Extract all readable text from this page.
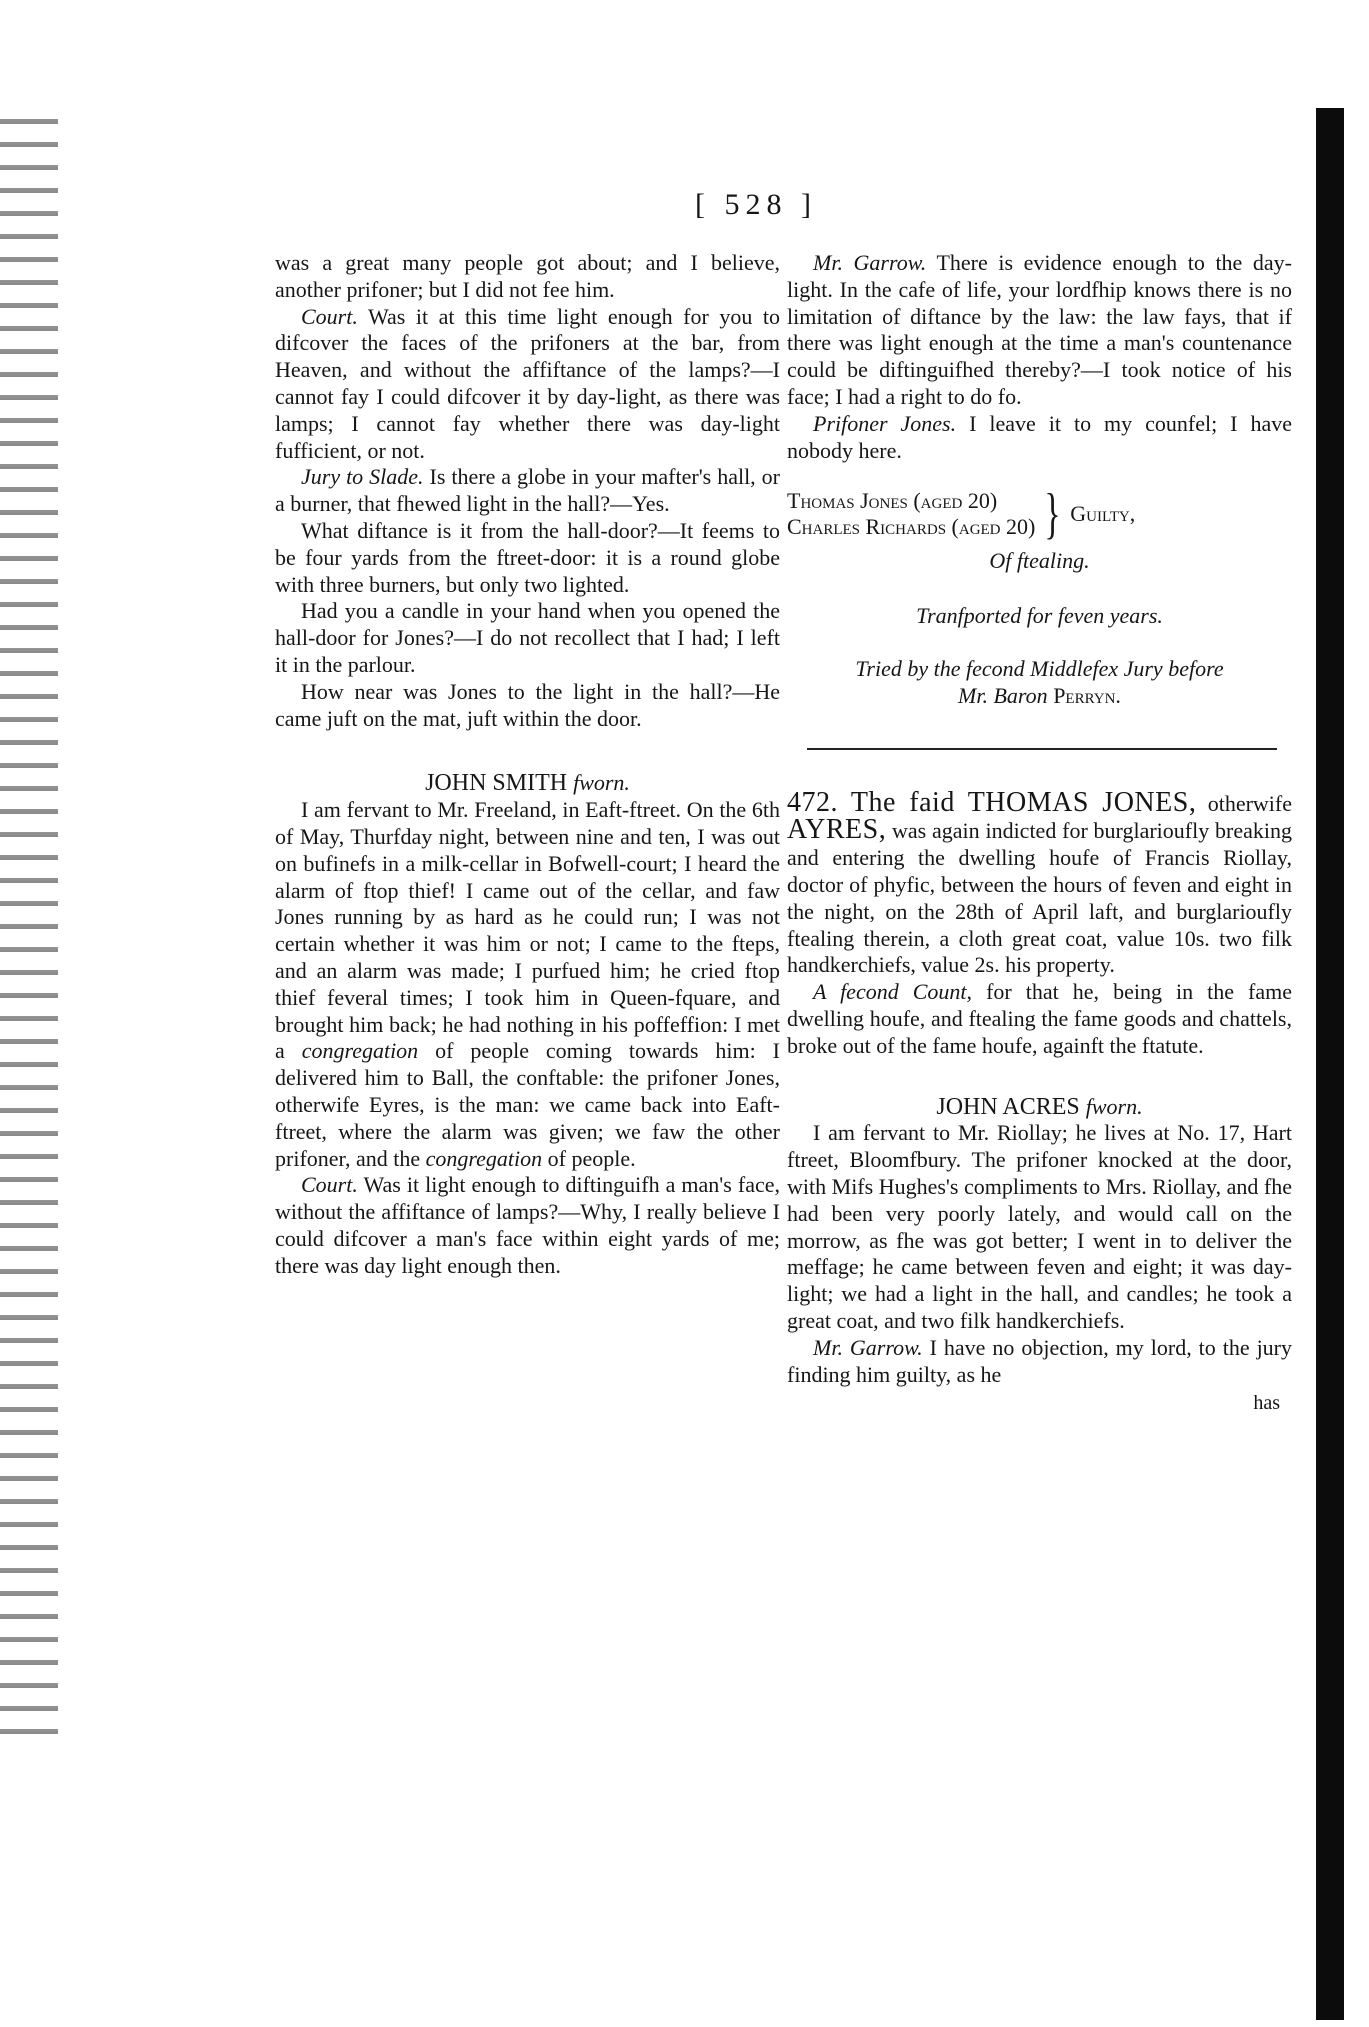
[ 528 ]

was a great many people got about; and I believe, another prifoner; but I did not fee him.

Court. Was it at this time light enough for you to difcover the faces of the prifoners at the bar, from Heaven, and without the affiftance of the lamps?—I cannot fay I could difcover it by day-light, as there was lamps; I cannot fay whether there was day-light fufficient, or not.

Jury to Slade. Is there a globe in your mafter's hall, or a burner, that fhewed light in the hall?—Yes.

What diftance is it from the hall-door?—It feems to be four yards from the ftreet-door: it is a round globe with three burners, but only two lighted.

Had you a candle in your hand when you opened the hall-door for Jones?—I do not recollect that I had; I left it in the parlour.

How near was Jones to the light in the hall?—He came juft on the mat, juft within the door.

JOHN SMITH fworn.

I am fervant to Mr. Freeland, in Eaft-ftreet. On the 6th of May, Thurfday night, between nine and ten, I was out on bufinefs in a milk-cellar in Bofwell-court; I heard the alarm of ftop thief! I came out of the cellar, and faw Jones running by as hard as he could run; I was not certain whether it was him or not; I came to the fteps, and an alarm was made; I purfued him; he cried ftop thief feveral times; I took him in Queen-fquare, and brought him back; he had nothing in his poffeffion: I met a congregation of people coming towards him: I delivered him to Ball, the conftable: the prifoner Jones, otherwife Eyres, is the man: we came back into Eaft-ftreet, where the alarm was given; we faw the other prifoner, and the congregation of people.

Court. Was it light enough to diftinguifh a man's face, without the affiftance of lamps?—Why, I really believe I could difcover a man's face within eight yards of me; there was day light enough then.

Mr. Garrow. There is evidence enough to the day-light. In the cafe of life, your lordfhip knows there is no limitation of diftance by the law: the law fays, that if there was light enough at the time a man's countenance could be diftinguifhed thereby?—I took notice of his face; I had a right to do fo.

Prifoner Jones. I leave it to my counfel; I have nobody here.

Thomas Jones (aged 20)
Charles Richards (aged 20) } Guilty,
Of ftealing.
Tranfported for feven years.
Tried by the fecond Middlefex Jury before
Mr. Baron Perryn.

472. The faid THOMAS JONES, otherwife AYRES, was again indicted for burglarioufly breaking and entering the dwelling houfe of Francis Riollay, doctor of phyfic, between the hours of feven and eight in the night, on the 28th of April laft, and burglarioufly ftealing therein, a cloth great coat, value 10s. two filk handkerchiefs, value 2s. his property.

A fecond Count, for that he, being in the fame dwelling houfe, and ftealing the fame goods and chattels, broke out of the fame houfe, againft the ftatute.

JOHN ACRES fworn.

I am fervant to Mr. Riollay; he lives at No. 17, Hart ftreet, Bloomfbury. The prifoner knocked at the door, with Mifs Hughes's compliments to Mrs. Riollay, and fhe had been very poorly lately, and would call on the morrow, as fhe was got better; I went in to deliver the meffage; he came between feven and eight; it was day-light; we had a light in the hall, and candles; he took a great coat, and two filk handkerchiefs.

Mr. Garrow. I have no objection, my lord, to the jury finding him guilty, as he

has
